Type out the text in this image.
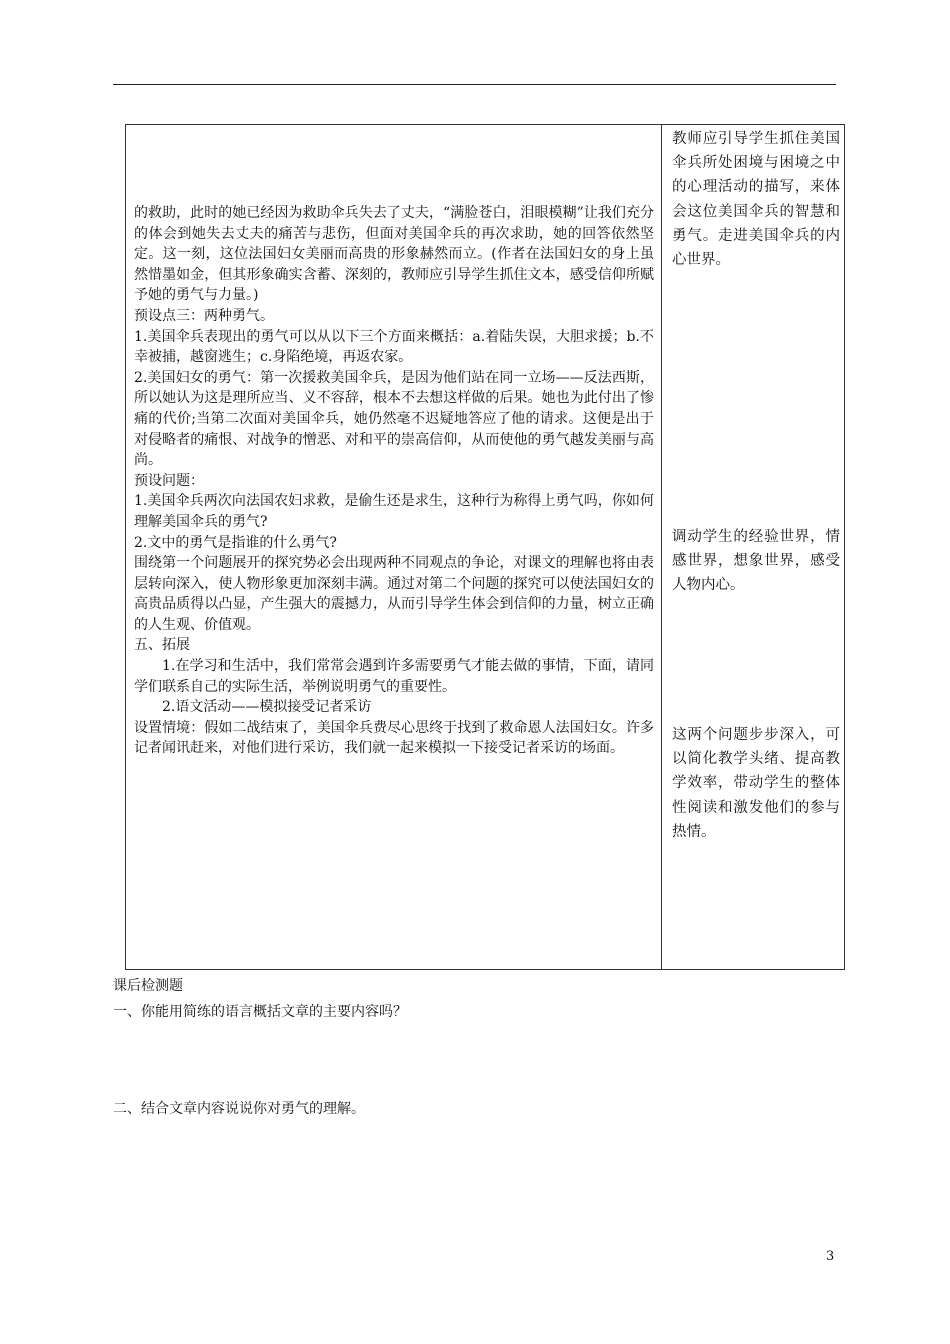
的救助，此时的她已经因为救助伞兵失去了丈夫，“满脸苍白，泪眼模糊”让我们充分的体会到她失去丈夫的痛苦与悲伤，但面对美国伞兵的再次求助，她的回答依然坚定。这一刻，这位法国妇女美丽而高贵的形象赫然而立。(作者在法国妇女的身上虽然惜墨如金，但其形象确实含蓄、深刻的，教师应引导学生抓住文本，感受信仰所赋予她的勇气与力量。)

预设点三：两种勇气。

1.美国伞兵表现出的勇气可以从以下三个方面来概括：a.着陆失误，大胆求援；b.不幸被捕，越窗逃生；c.身陷绝境，再返农家。

2.美国妇女的勇气：第一次援救美国伞兵，是因为他们站在同一立场——反法西斯，所以她认为这是理所应当、义不容辞，根本不去想这样做的后果。她也为此付出了惨痛的代价;当第二次面对美国伞兵，她仍然毫不迟疑地答应了他的请求。这便是出于对侵略者的痛恨、对战争的憎恶、对和平的崇高信仰，从而使他的勇气越发美丽与高尚。

预设问题：

1.美国伞兵两次向法国农妇求救，是偷生还是求生，这种行为称得上勇气吗，你如何理解美国伞兵的勇气?

2.文中的勇气是指谁的什么勇气?

围绕第一个问题展开的探究势必会出现两种不同观点的争论，对课文的理解也将由表层转向深入，使人物形象更加深刻丰满。通过对第二个问题的探究可以使法国妇女的高贵品质得以凸显，产生强大的震撼力，从而引导学生体会到信仰的力量，树立正确的人生观、价值观。

五、拓展

1.在学习和生活中，我们常常会遇到许多需要勇气才能去做的事情，下面，请同学们联系自己的实际生活，举例说明勇气的重要性。

2.语文活动——模拟接受记者采访

设置情境：假如二战结束了，美国伞兵费尽心思终于找到了救命恩人法国妇女。许多记者闻讯赶来，对他们进行采访，我们就一起来模拟一下接受记者采访的场面。

教师应引导学生抓住美国伞兵所处困境与困境之中的心理活动的描写，来体会这位美国伞兵的智慧和勇气。走进美国伞兵的内心世界。
调动学生的经验世界，情感世界，想象世界，感受人物内心。
这两个问题步步深入，可以简化教学头绪、提高教学效率，带动学生的整体性阅读和激发他们的参与热情。
课后检测题
一、你能用简练的语言概括文章的主要内容吗？
二、结合文章内容说说你对勇气的理解。
3
